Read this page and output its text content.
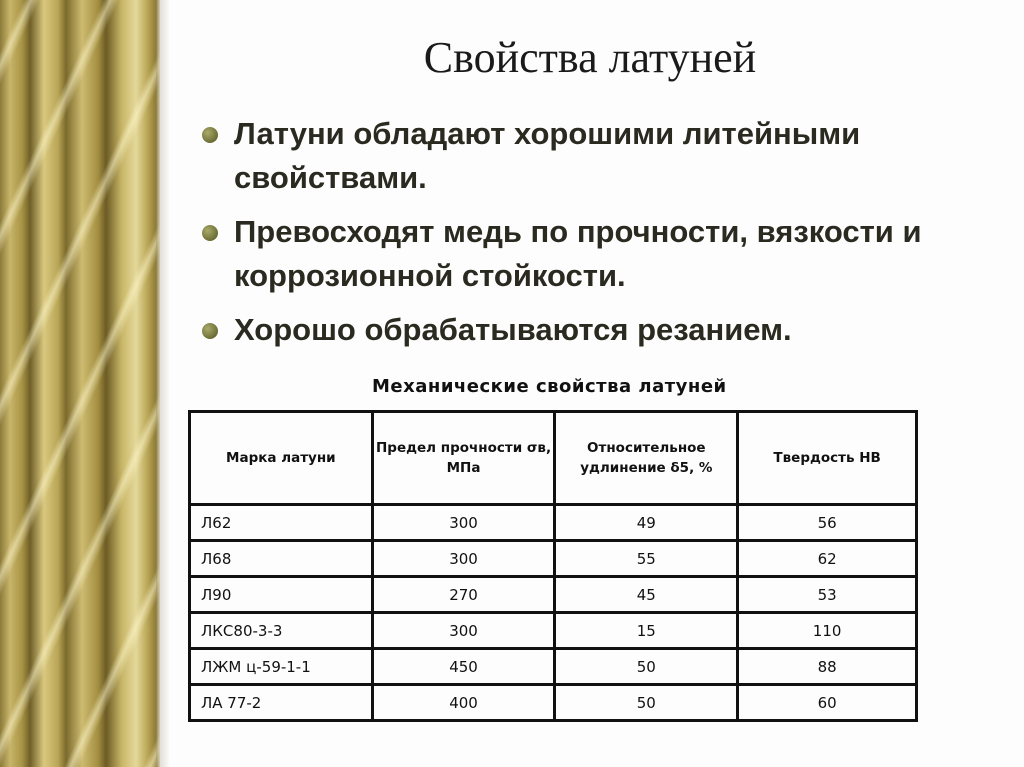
Свойства латуней
Латуни обладают хорошими литейными свойствами.
Превосходят медь по прочности, вязкости и коррозионной стойкости.
Хорошо обрабатываются резанием.
Механические свойства латуней
Марка латуни	Предел прочности σв, МПа	Относительное удлинение δ5, %	Твердость НВ
Л62	300	49	56
Л68	300	55	62
Л90	270	45	53
ЛКС80-3-3	300	15	110
ЛЖМ ц-59-1-1	450	50	88
ЛА 77-2	400	50	60
